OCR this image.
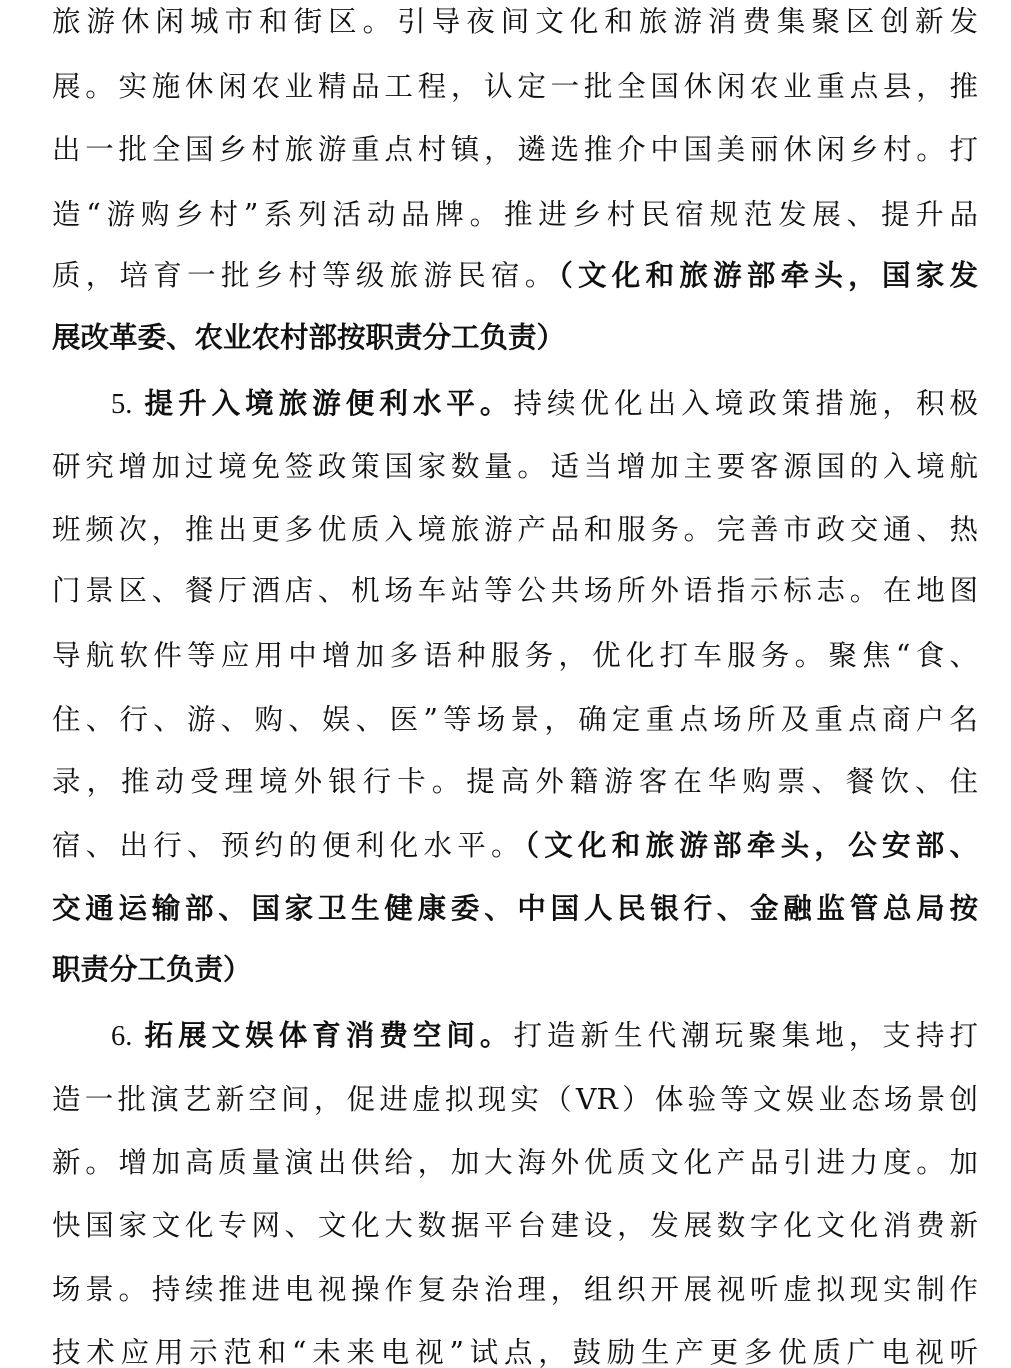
旅游休闲城市和街区。引导夜间文化和旅游消费集聚区创新发
展。实施休闲农业精品工程，认定一批全国休闲农业重点县，推
出一批全国乡村旅游重点村镇，遴选推介中国美丽休闲乡村。打
造“游购乡村”系列活动品牌。推进乡村民宿规范发展、提升品
质，培育一批乡村等级旅游民宿。（文化和旅游部牵头，国家发
展改革委、农业农村部按职责分工负责）
5. 提升入境旅游便利水平。持续优化出入境政策措施，积极
研究增加过境免签政策国家数量。适当增加主要客源国的入境航
班频次，推出更多优质入境旅游产品和服务。完善市政交通、热
门景区、餐厅酒店、机场车站等公共场所外语指示标志。在地图
导航软件等应用中增加多语种服务，优化打车服务。聚焦“食、
住、行、游、购、娱、医”等场景，确定重点场所及重点商户名
录，推动受理境外银行卡。提高外籍游客在华购票、餐饮、住
宿、出行、预约的便利化水平。（文化和旅游部牵头，公安部、
交通运输部、国家卫生健康委、中国人民银行、金融监管总局按
职责分工负责）
6. 拓展文娱体育消费空间。打造新生代潮玩聚集地，支持打
造一批演艺新空间，促进虚拟现实（VR）体验等文娱业态场景创
新。增加高质量演出供给，加大海外优质文化产品引进力度。加
快国家文化专网、文化大数据平台建设，发展数字化文化消费新
场景。持续推进电视操作复杂治理，组织开展视听虚拟现实制作
技术应用示范和“未来电视”试点，鼓励生产更多优质广电视听
